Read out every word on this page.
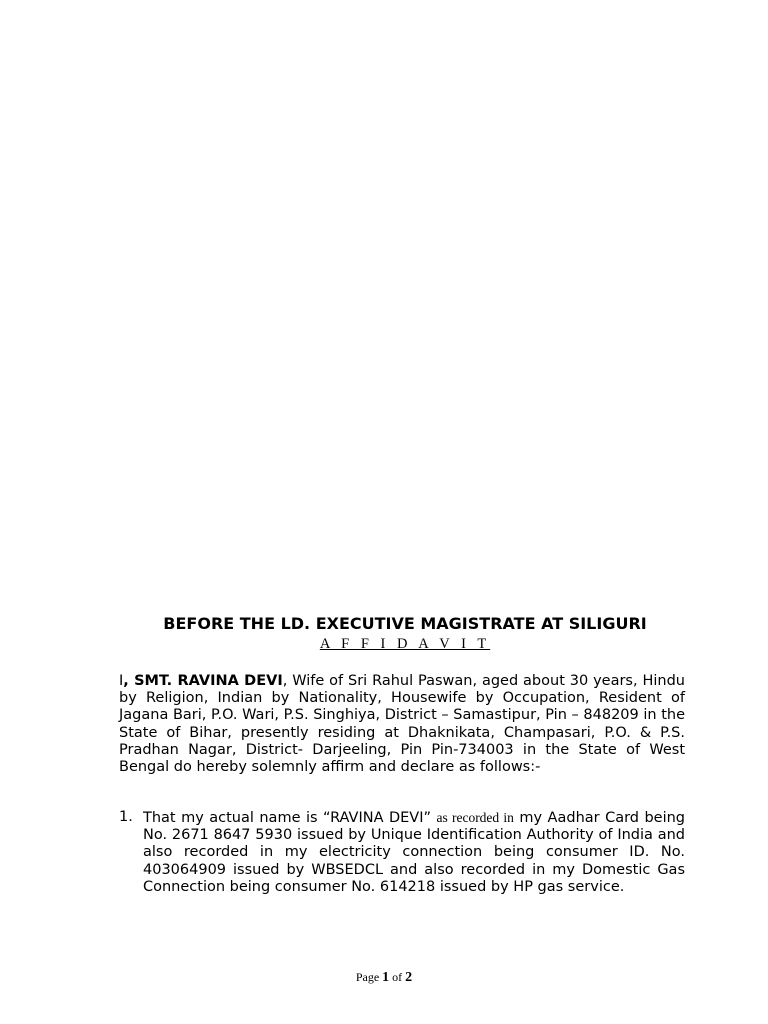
BEFORE THE LD. EXECUTIVE MAGISTRATE AT SILIGURI
A F F I D A V I T

I, SMT. RAVINA DEVI, Wife of Sri Rahul Paswan, aged about 30 years, Hindu by Religion, Indian by Nationality, Housewife by Occupation, Resident of Jagana Bari, P.O. Wari, P.S. Singhiya, District – Samastipur, Pin – 848209 in the State of Bihar, presently residing at Dhaknikata, Champasari, P.O. & P.S. Pradhan Nagar, District- Darjeeling, Pin Pin-734003 in the State of West Bengal do hereby solemnly affirm and declare as follows:-

1. That my actual name is “RAVINA DEVI” as recorded in my Aadhar Card being No. 2671 8647 5930 issued by Unique Identification Authority of India and also recorded in my electricity connection being consumer ID. No. 403064909 issued by WBSEDCL and also recorded in my Domestic Gas Connection being consumer No. 614218 issued by HP gas service.
Page 1 of 2
